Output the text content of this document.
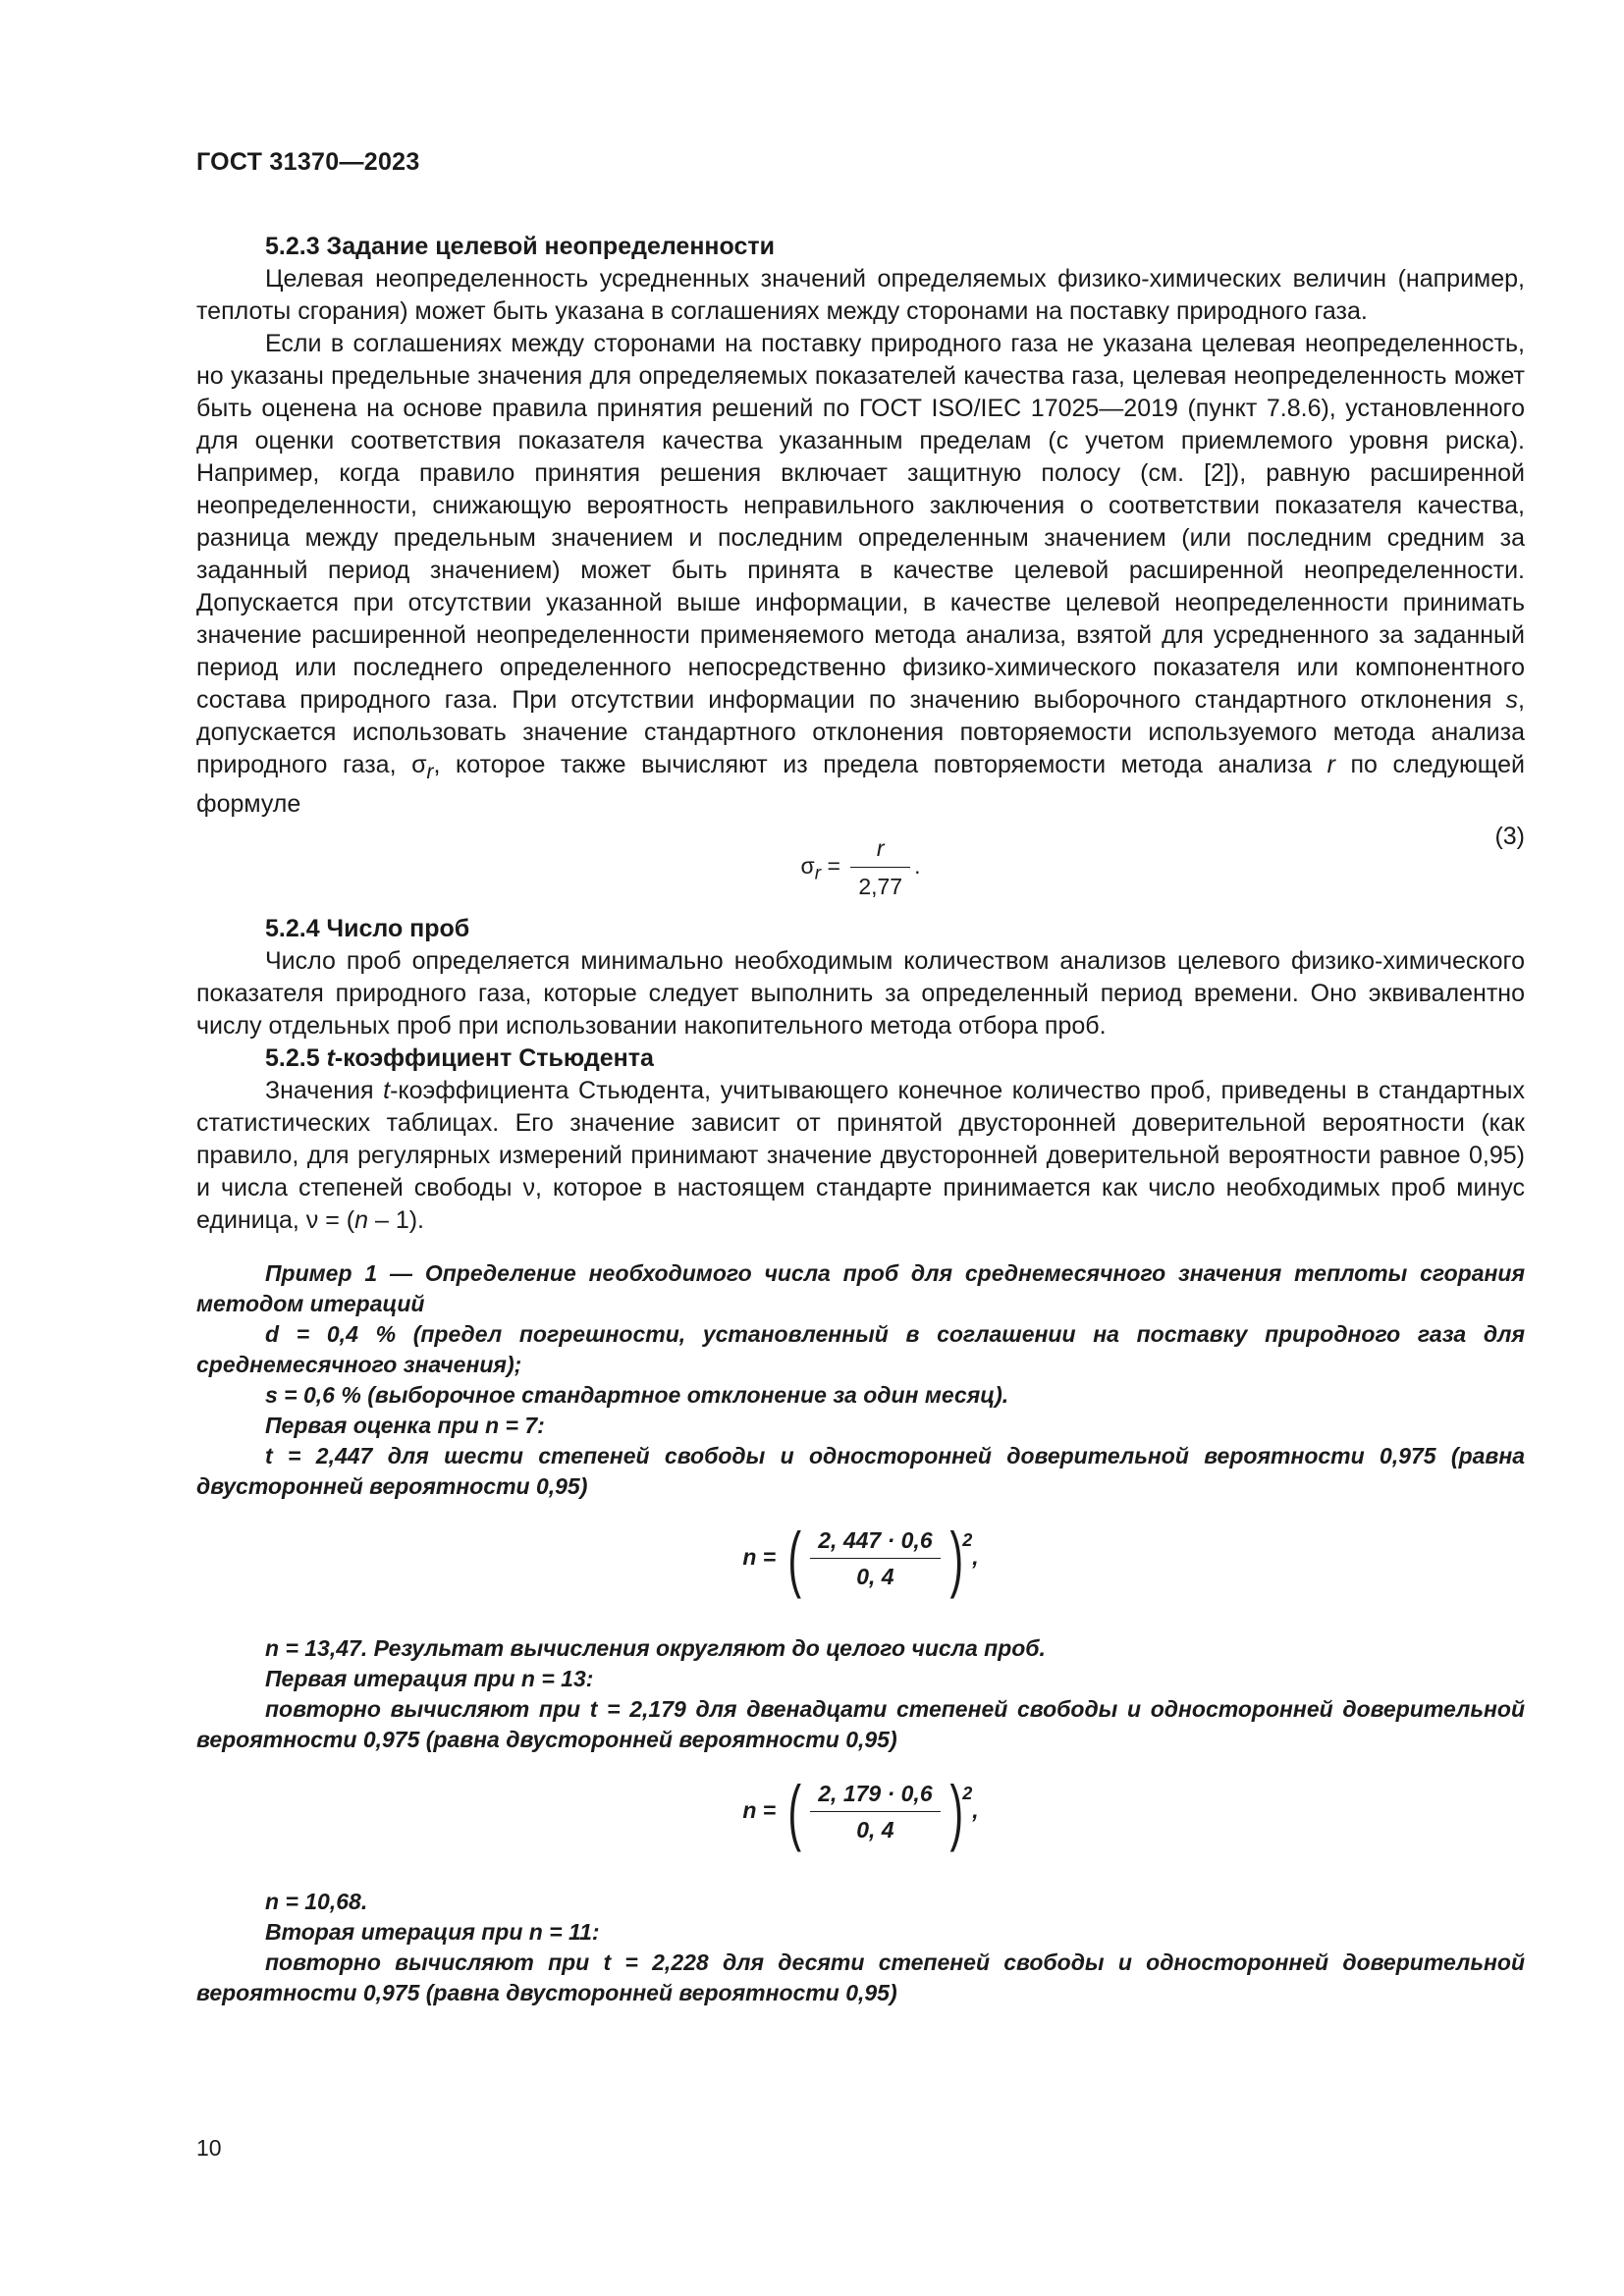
ГОСТ 31370—2023
5.2.3 Задание целевой неопределенности

Целевая неопределенность усредненных значений определяемых физико-химических величин (например, теплоты сгорания) может быть указана в соглашениях между сторонами на поставку природного газа.

Если в соглашениях между сторонами на поставку природного газа не указана целевая неопределенность, но указаны предельные значения для определяемых показателей качества газа, целевая неопределенность может быть оценена на основе правила принятия решений по ГОСТ ISO/IEC 17025—2019 (пункт 7.8.6), установленного для оценки соответствия показателя качества указанным пределам (с учетом приемлемого уровня риска). Например, когда правило принятия решения включает защитную полосу (см. [2]), равную расширенной неопределенности, снижающую вероятность неправильного заключения о соответствии показателя качества, разница между предельным значением и последним определенным значением (или последним средним за заданный период значением) может быть принята в качестве целевой расширенной неопределенности. Допускается при отсутствии указанной выше информации, в качестве целевой неопределенности принимать значение расширенной неопределенности применяемого метода анализа, взятой для усредненного за заданный период или последнего определенного непосредственно физико-химического показателя или компонентного состава природного газа. При отсутствии информации по значению выборочного стандартного отклонения s, допускается использовать значение стандартного отклонения повторяемости используемого метода анализа природного газа, $\sigma_r$, которое также вычисляют из предела повторяемости метода анализа r по следующей формуле

$\sigma_r = \frac{r}{2,77}$ .
(3)
5.2.4 Число проб

Число проб определяется минимально необходимым количеством анализов целевого физико-химического показателя природного газа, которые следует выполнить за определенный период времени. Оно эквивалентно числу отдельных проб при использовании накопительного метода отбора проб.

5.2.5 t-коэффициент Стьюдента

Значения t-коэффициента Стьюдента, учитывающего конечное количество проб, приведены в стандартных статистических таблицах. Его значение зависит от принятой двусторонней доверительной вероятности (как правило, для регулярных измерений принимают значение двусторонней доверительной вероятности равное 0,95) и числа степеней свободы ν, которое в настоящем стандарте принимается как число необходимых проб минус единица, ν = (n – 1).

Пример 1 — Определение необходимого числа проб для среднемесячного значения теплоты сгорания методом итераций

d = 0,4 % (предел погрешности, установленный в соглашении на поставку природного газа для среднемесячного значения);

s = 0,6 % (выборочное стандартное отклонение за один месяц).

Первая оценка при n = 7:

t = 2,447 для шести степеней свободы и односторонней доверительной вероятности 0,975 (равна двусторонней вероятности 0,95)

n = ( $\frac{2, 447 \cdot 0,6}{0, 4} )2$,

n = 13,47. Результат вычисления округляют до целого числа проб.

Первая итерация при n = 13:

повторно вычисляют при t = 2,179 для двенадцати степеней свободы и односторонней доверительной вероятности 0,975 (равна двусторонней вероятности 0,95)

n = ( $\frac{2, 179 \cdot 0,6}{0, 4} )2$,

n = 10,68.

Вторая итерация при n = 11:

повторно вычисляют при t = 2,228 для десяти степеней свободы и односторонней доверительной вероятности 0,975 (равна двусторонней вероятности 0,95)

10
